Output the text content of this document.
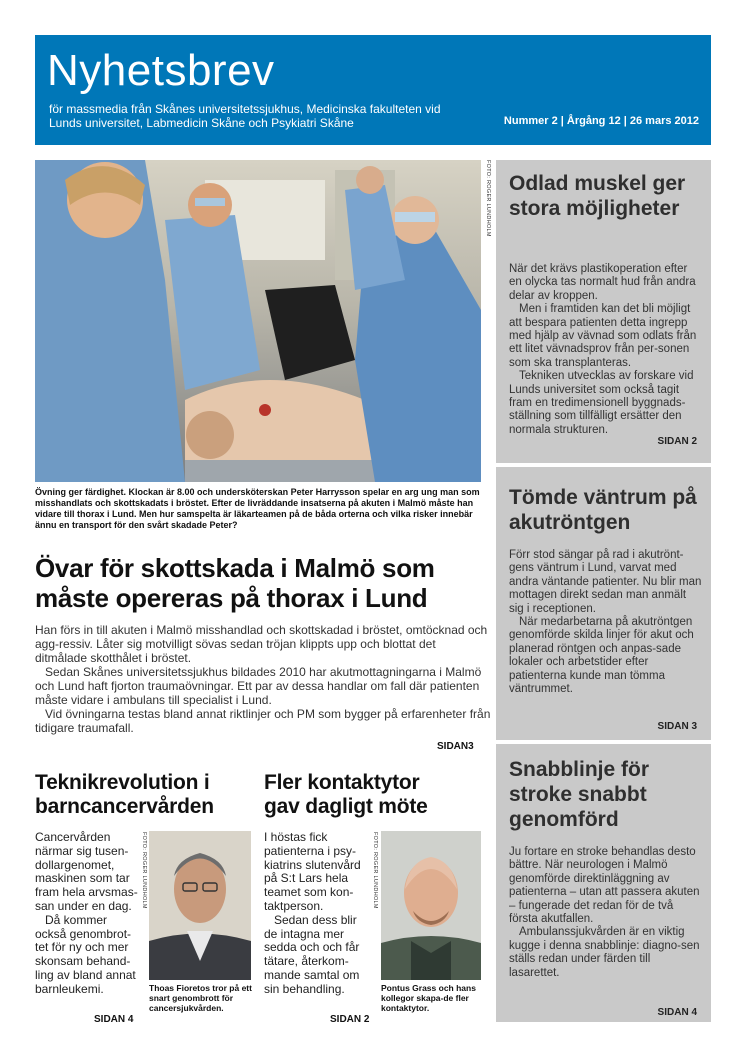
Nyhetsbrev
för massmedia från Skånes universitetssjukhus, Medicinska fakulteten vid Lunds universitet, Labmedicin Skåne och Psykiatri Skåne	Nummer 2 | Årgång 12 | 26 mars 2012
FOTO: ROGER LUNDHOLM
Övning ger färdighet. Klockan är 8.00 och undersköterskan Peter Harrysson spelar en arg ung man som misshandlats och skottskadats i bröstet. Efter de livräddande insatserna på akuten i Malmö måste han vidare till thorax i Lund. Men hur samspelta är läkarteamen på de båda orterna och vilka risker innebär ännu en transport för den svårt skadade Peter?
Övar för skottskada i Malmö som måste opereras på thorax i Lund

Han förs in till akuten i Malmö misshandlad och skottskadad i bröstet, omtöcknad och agg-ressiv. Låter sig motvilligt sövas sedan tröjan klippts upp och blottat det ditmålade skotthålet i bröstet.

Sedan Skånes universitetssjukhus bildades 2010 har akutmottagningarna i Malmö och Lund haft fjorton traumaövningar. Ett par av dessa handlar om fall där patienten måste vidare i ambulans till specialist i Lund.

Vid övningarna testas bland annat riktlinjer och PM som bygger på erfarenheter från tidigare traumafall.

SIDAN3
Teknikrevolution i
barncancervården
Cancervården
närmar sig tusen-
dollargenomet,
maskinen som tar
fram hela arvsmas-
san under en dag.
Då kommer
också genombrot-
tet för ny och mer
skonsam behand-
ling av bland annat
barnleukemi.
FOTO: ROGER LUNDHOLM
Thoas Fioretos tror på ett snart genombrott för cancersjukvården.
SIDAN 4
Fler kontaktytor
gav dagligt möte
I höstas fick
patienterna i psy-
kiatrins slutenvård
på S:t Lars hela
teamet som kon-
taktperson.
Sedan dess blir
de intagna mer
sedda och och får
tätare, återkom-
mande samtal om
sin behandling.
FOTO: ROGER LUNDHOLM
Pontus Grass och hans kollegor skapa-de fler kontaktytor.
SIDAN 2
Odlad muskel ger stora möjligheter

När det krävs plastikoperation efter en olycka tas normalt hud från andra delar av kroppen.

Men i framtiden kan det bli möjligt att bespara patienten detta ingrepp med hjälp av vävnad som odlats från ett litet vävnadsprov från per-sonen som ska transplanteras.

Tekniken utvecklas av forskare vid Lunds universitet som också tagit fram en tredimensionell byggnads-ställning som tillfälligt ersätter den normala strukturen.

SIDAN 2
Tömde väntrum på akutröntgen

Förr stod sängar på rad i akutrönt-gens väntrum i Lund, varvat med andra väntande patienter. Nu blir man mottagen direkt sedan man anmält sig i receptionen.

När medarbetarna på akutröntgen genomförde skilda linjer för akut och planerad röntgen och anpas-sade lokaler och arbetstider efter patienterna kunde man tömma väntrummet.

SIDAN 3
Snabblinje för stroke snabbt genomförd

Ju fortare en stroke behandlas desto bättre. När neurologen i Malmö genomförde direktinläggning av patienterna – utan att passera akuten – fungerade det redan för de två första akutfallen.

Ambulanssjukvården är en viktig kugge i denna snabblinje: diagno-sen ställs redan under färden till lasarettet.

SIDAN 4
